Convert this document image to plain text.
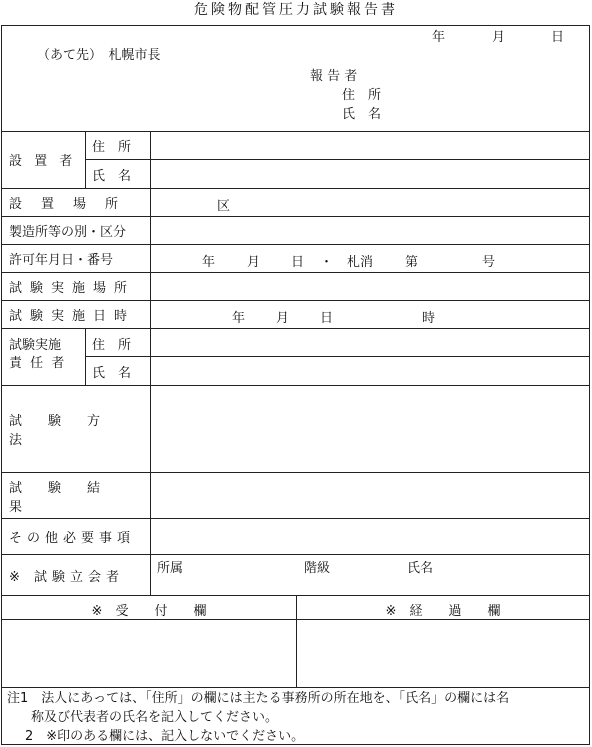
危険物配管圧力試験報告書
年	月	日
（あて先）　札幌市長
報 告 者
住　所
氏　名
設 置 者
住　所
氏　名
設置場所	区
製造所等の別・区分
許可年月日・番号	年 月 日 ・ 札消 第	号
試験実施場所
試験実施日時	年 月 日	時
試験実施
責 任 者
住　所
氏　名
試験方法
試験結果
その他必要事項
※ 試験立会者
所属	階級	氏名
※　受　　付　　欄	※　経　　過　　欄
注1　法人にあっては、「住所」の欄には主たる事務所の所在地を、「氏名」の欄には名
称及び代表者の氏名を記入してください。
2　※印のある欄には、記入しないでください。
